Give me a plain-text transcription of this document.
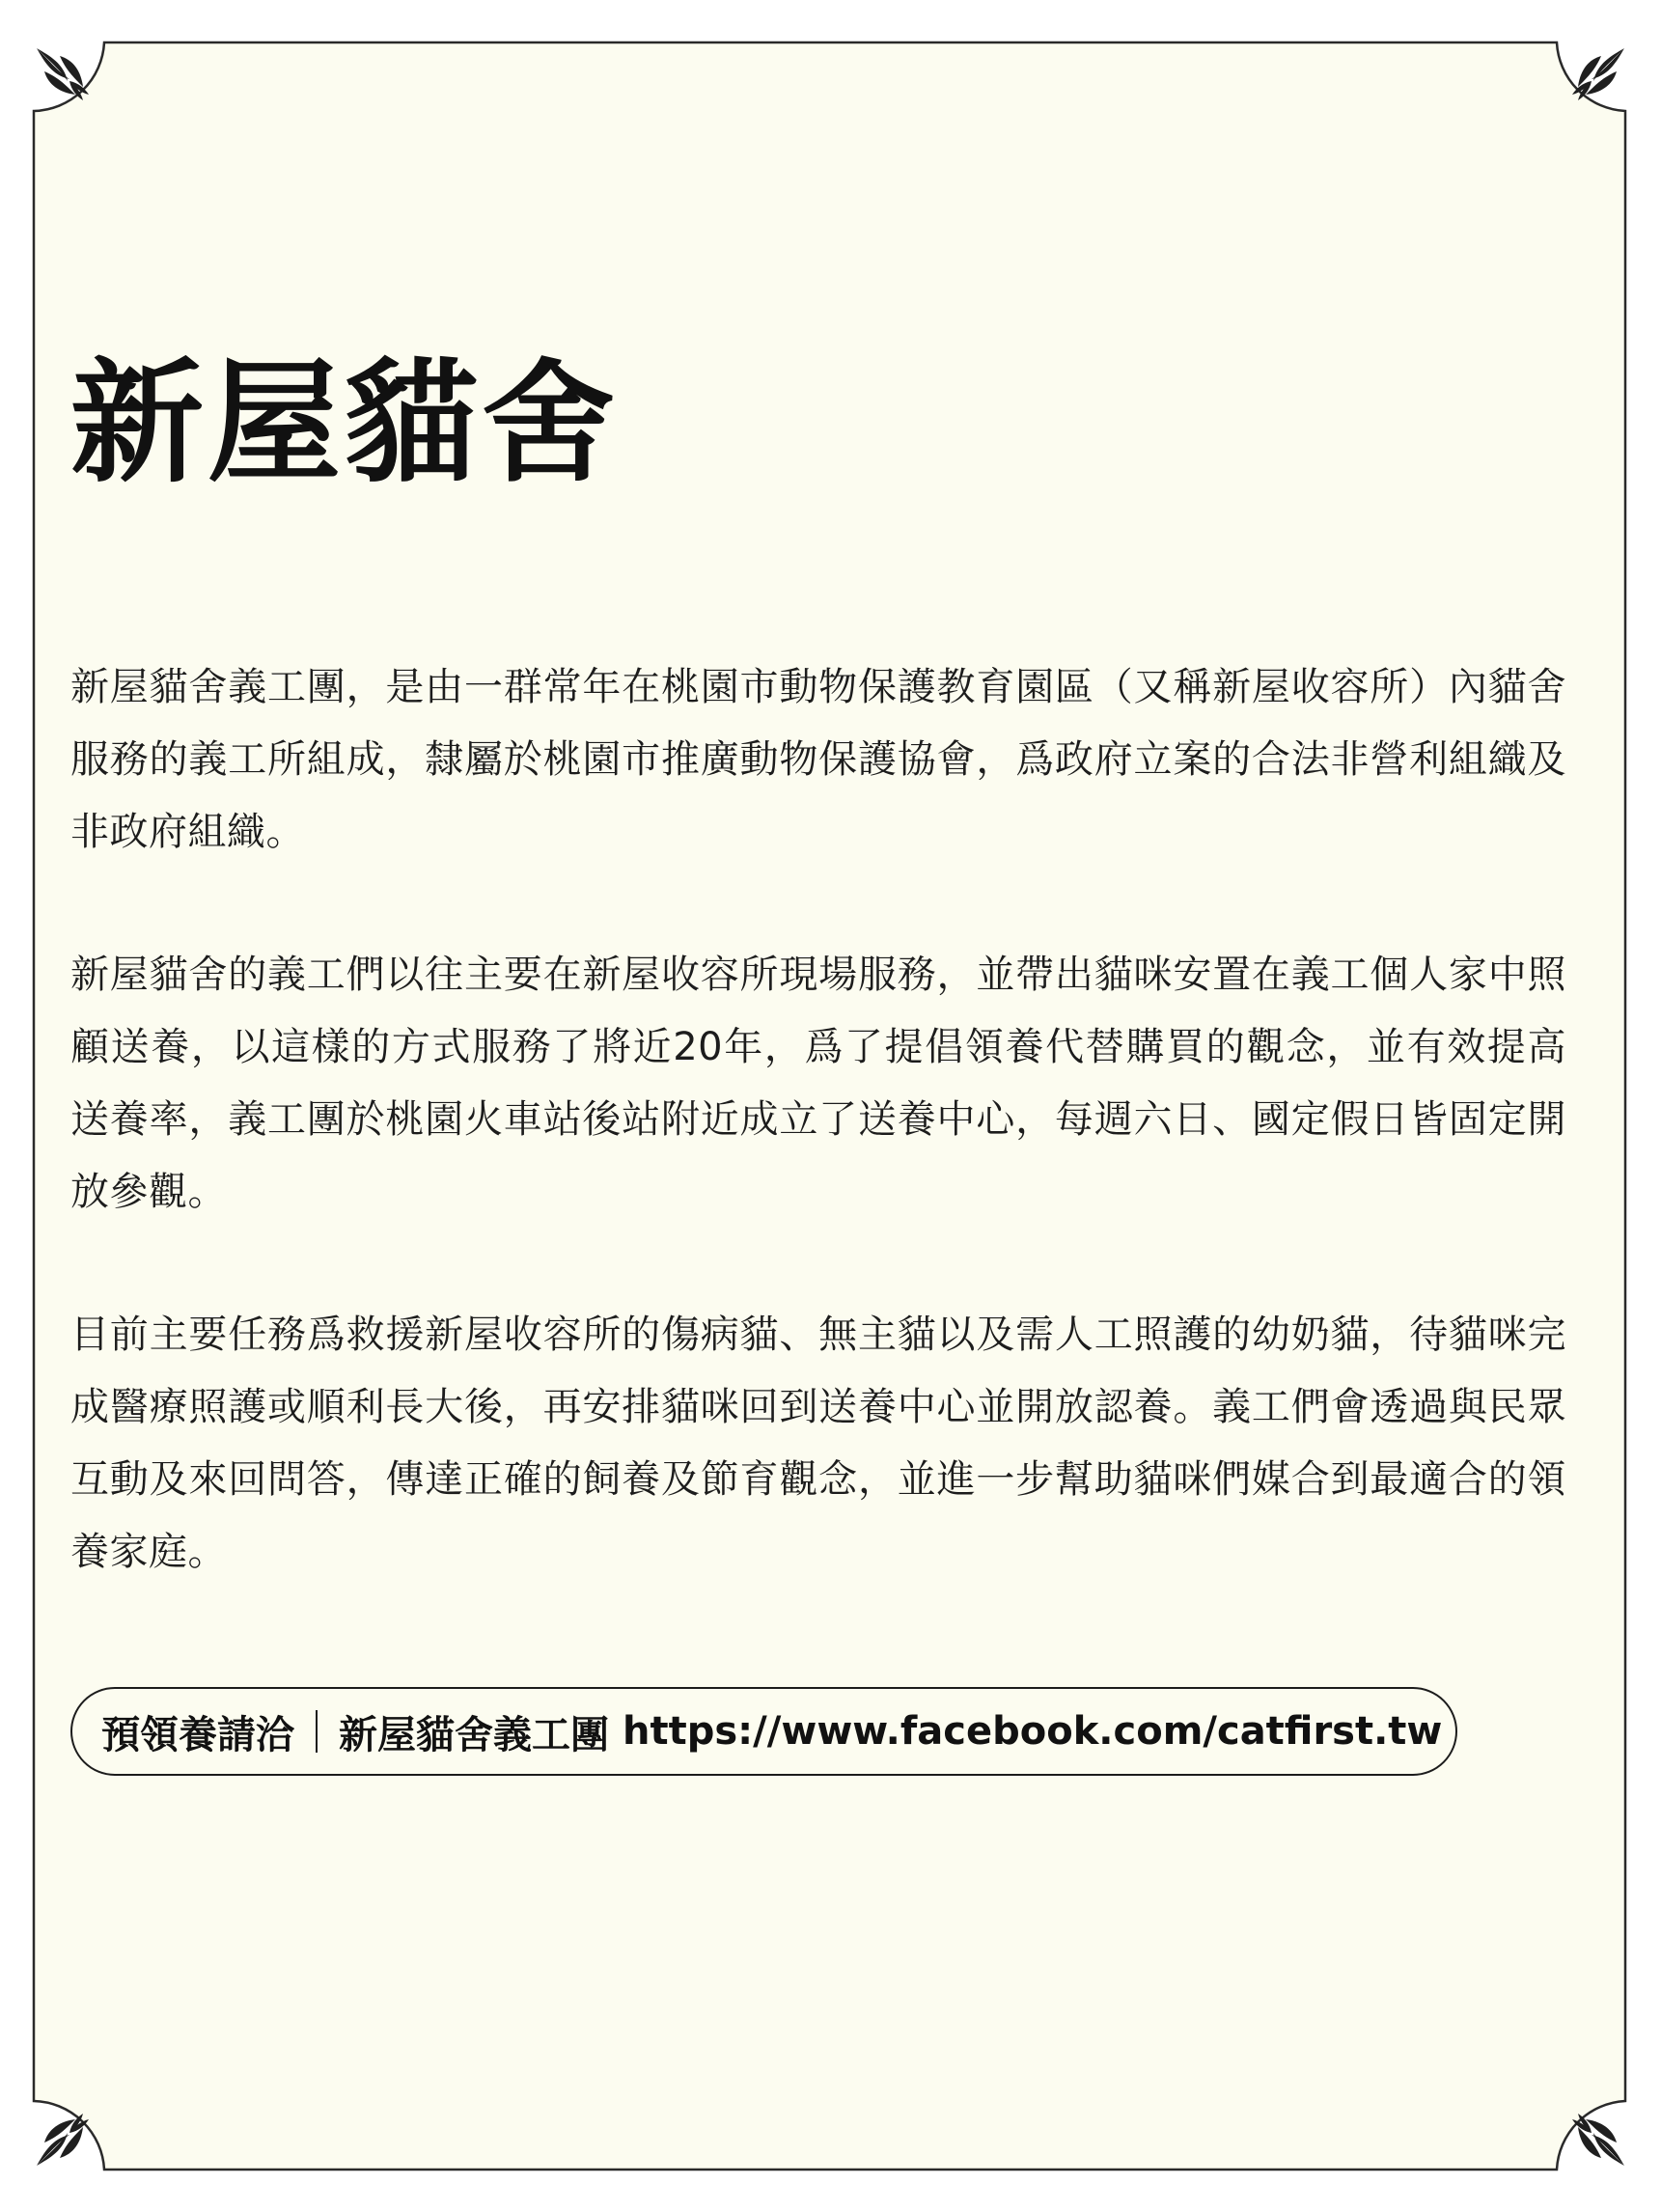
新屋貓舍

新屋貓舍義工團，是由一群常年在桃園市動物保護教育園區（又稱新屋收容所）內貓舍服務的義工所組成，隸屬於桃園市推廣動物保護協會，爲政府立案的合法非營利組織及非政府組織。

新屋貓舍的義工們以往主要在新屋收容所現場服務，並帶出貓咪安置在義工個人家中照顧送養，以這樣的方式服務了將近20年，爲了提倡領養代替購買的觀念，並有效提高送養率，義工團於桃園火車站後站附近成立了送養中心，每週六日、國定假日皆固定開放參觀。

目前主要任務爲救援新屋收容所的傷病貓、無主貓以及需人工照護的幼奶貓，待貓咪完成醫療照護或順利長大後，再安排貓咪回到送養中心並開放認養。義工們會透過與民眾互動及來回問答，傳達正確的飼養及節育觀念，並進一步幫助貓咪們媒合到最適合的領養家庭。

預領養請洽 新屋貓舍義工團 https://www.facebook.com/catfirst.tw
